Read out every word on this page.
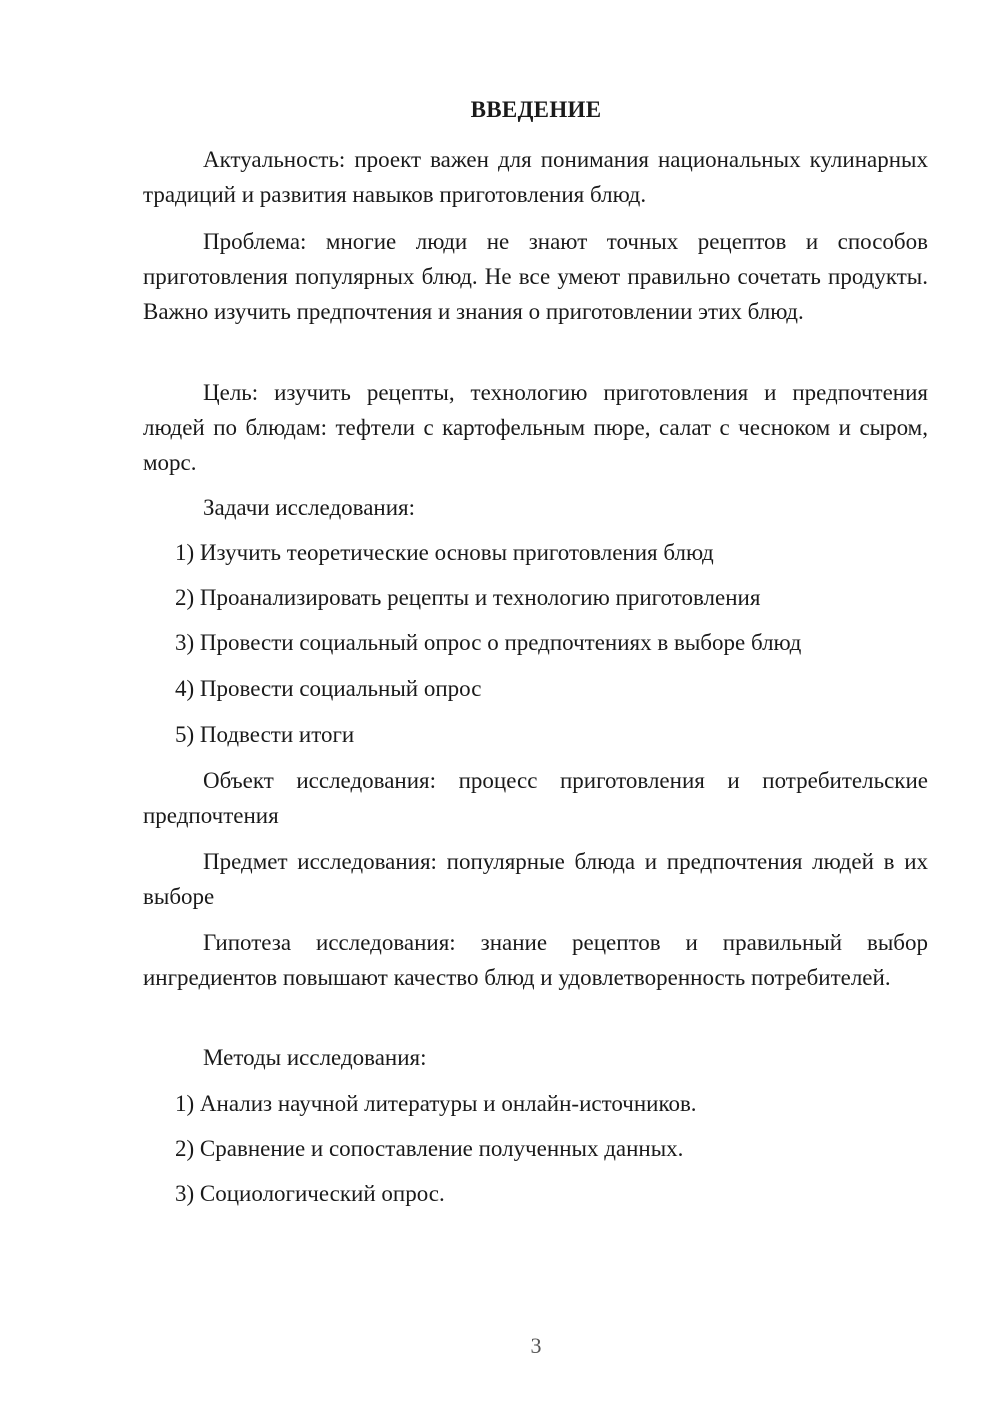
ВВЕДЕНИЕ
Актуальность: проект важен для понимания национальных кулинарных традиций и развития навыков приготовления блюд.
Проблема: многие люди не знают точных рецептов и способов приготовления популярных блюд. Не все умеют правильно сочетать продукты. Важно изучить предпочтения и знания о приготовлении этих блюд.
Цель: изучить рецепты, технологию приготовления и предпочтения людей по блюдам: тефтели с картофельным пюре, салат с чесноком и сыром, морс.
Задачи исследования:
1) Изучить теоретические основы приготовления блюд
2) Проанализировать рецепты и технологию приготовления
3) Провести социальный опрос о предпочтениях в выборе блюд
4) Провести социальный опрос
5) Подвести итоги
Объект исследования: процесс приготовления и потребительские предпочтения
Предмет исследования: популярные блюда и предпочтения людей в их выборе
Гипотеза исследования: знание рецептов и правильный выбор ингредиентов повышают качество блюд и удовлетворенность потребителей.
Методы исследования:
1) Анализ научной литературы и онлайн-источников.
2) Сравнение и сопоставление полученных данных.
3) Социологический опрос.
3
